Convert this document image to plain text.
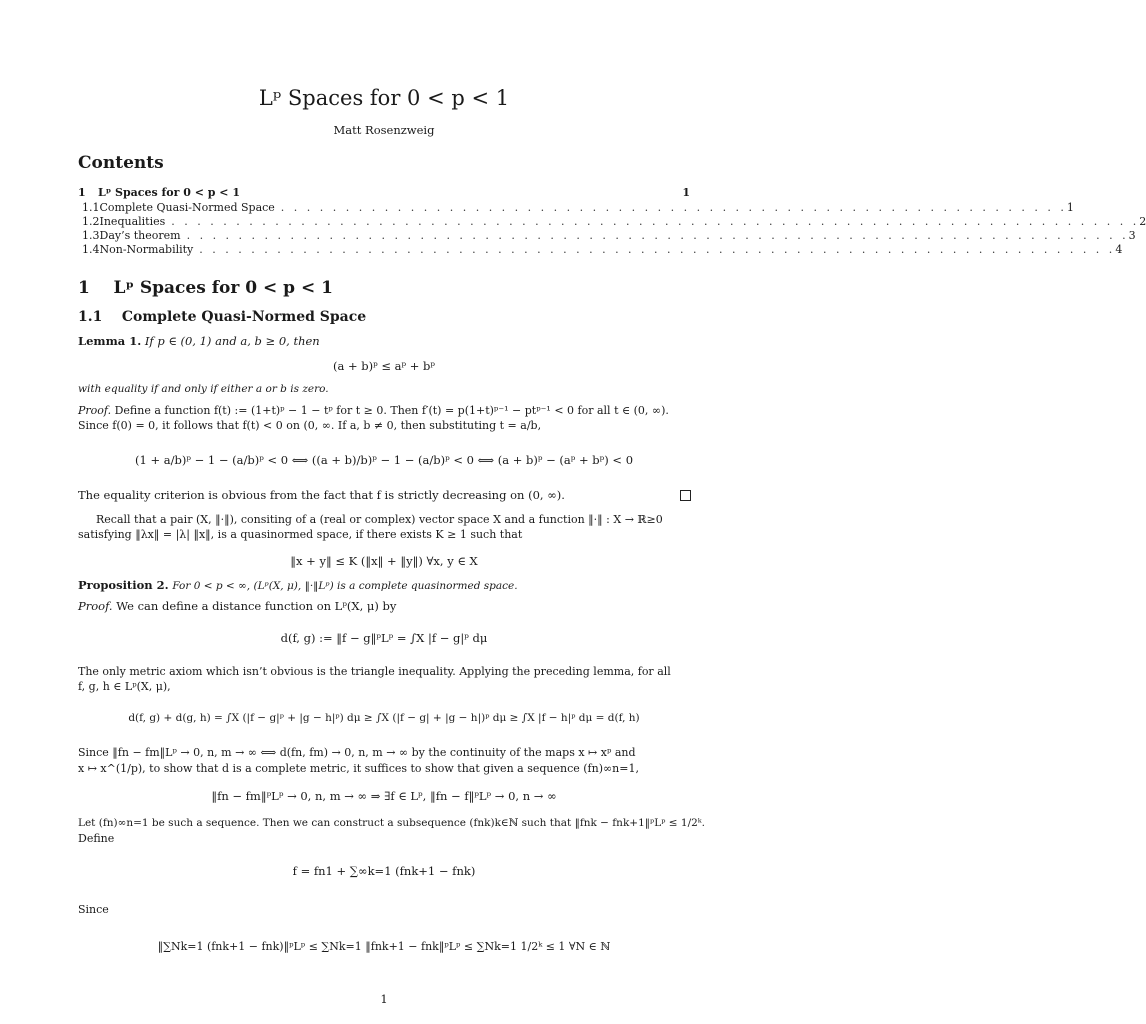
Lᵖ Spaces for 0 < p < 1
Matt Rosenzweig
Contents
1	Lᵖ Spaces for 0 < p < 1	1
1.1 Complete Quasi-Normed Space . . . . . . . . . . . . . . . . . . . . . . . . . . . . . . . . . . . . . . . . . . . . . . . . . . . . . . . . . . . . . 1
1.2 Inequalities . . . . . . . . . . . . . . . . . . . . . . . . . . . . . . . . . . . . . . . . . . . . . . . . . . . . . . . . . . . . . . . . . . . . . . . . . . . 2
1.3 Day’s theorem . . . . . . . . . . . . . . . . . . . . . . . . . . . . . . . . . . . . . . . . . . . . . . . . . . . . . . . . . . . . . . . . . . . . . . . . . 3
1.4 Non-Normability . . . . . . . . . . . . . . . . . . . . . . . . . . . . . . . . . . . . . . . . . . . . . . . . . . . . . . . . . . . . . . . . . . . . . . . 4
1 Lᵖ Spaces for 0 < p < 1
1.1 Complete Quasi-Normed Space
Lemma 1. If p ∈ (0, 1) and a, b ≥ 0, then
(a + b)ᵖ ≤ aᵖ + bᵖ
with equality if and only if either a or b is zero.
Proof. Define a function f(t) := (1+t)ᵖ − 1 − tᵖ for t ≥ 0. Then f′(t) = p(1+t)ᵖ⁻¹ − ptᵖ⁻¹ < 0 for all t ∈ (0, ∞).
Since f(0) = 0, it follows that f(t) < 0 on (0, ∞. If a, b ≠ 0, then substituting t = a/b,
(1 + a/b)ᵖ − 1 − (a/b)ᵖ < 0 ⟺ ((a + b)/b)ᵖ − 1 − (a/b)ᵖ < 0 ⟺ (a + b)ᵖ − (aᵖ + bᵖ) < 0
The equality criterion is obvious from the fact that f is strictly decreasing on (0, ∞).
Recall that a pair (X, ‖·‖), consiting of a (real or complex) vector space X and a function ‖·‖ : X → ℝ≥0
satisfying ‖λx‖ = |λ| ‖x‖, is a quasinormed space, if there exists K ≥ 1 such that
‖x + y‖ ≤ K (‖x‖ + ‖y‖) ∀x, y ∈ X
Proposition 2. For 0 < p < ∞, (Lᵖ(X, μ), ‖·‖Lᵖ) is a complete quasinormed space.
Proof. We can define a distance function on Lᵖ(X, μ) by
d(f, g) := ‖f − g‖ᵖLᵖ = ∫X |f − g|ᵖ dμ
The only metric axiom which isn’t obvious is the triangle inequality. Applying the preceding lemma, for all
f, g, h ∈ Lᵖ(X, μ),
d(f, g) + d(g, h) = ∫X (|f − g|ᵖ + |g − h|ᵖ) dμ ≥ ∫X (|f − g| + |g − h|)ᵖ dμ ≥ ∫X |f − h|ᵖ dμ = d(f, h)
Since ‖fn − fm‖Lᵖ → 0, n, m → ∞ ⟺ d(fn, fm) → 0, n, m → ∞ by the continuity of the maps x ↦ xᵖ and
x ↦ x^(1/p), to show that d is a complete metric, it suffices to show that given a sequence (fn)∞n=1,
‖fn − fm‖ᵖLᵖ → 0, n, m → ∞ ⇒ ∃f ∈ Lᵖ, ‖fn − f‖ᵖLᵖ → 0, n → ∞
Let (fn)∞n=1 be such a sequence. Then we can construct a subsequence (fnk)k∈ℕ such that ‖fnk − fnk+1‖ᵖLᵖ ≤ 1/2ᵏ.
Define
f = fn1 + ∑∞k=1 (fnk+1 − fnk)
Since
‖∑Nk=1 (fnk+1 − fnk)‖ᵖLᵖ ≤ ∑Nk=1 ‖fnk+1 − fnk‖ᵖLᵖ ≤ ∑Nk=1 1/2ᵏ ≤ 1 ∀N ∈ ℕ
1
